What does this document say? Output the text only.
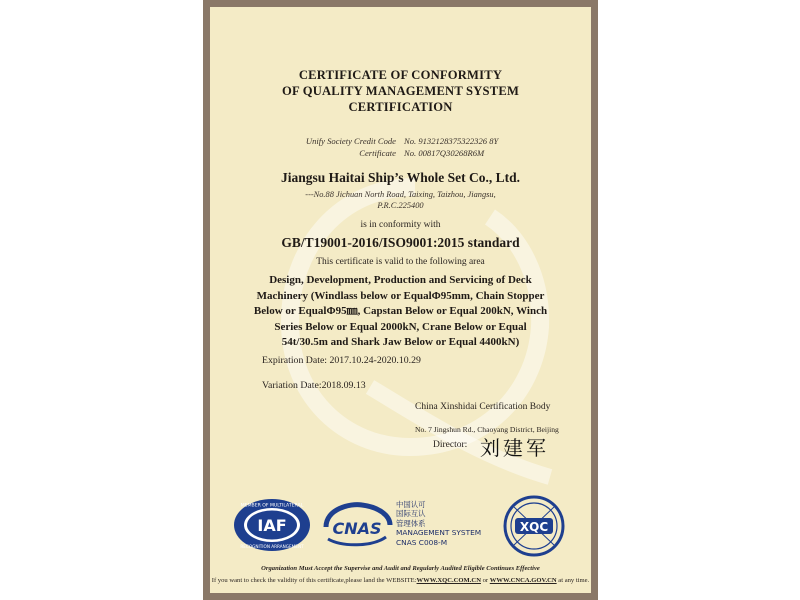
CERTIFICATE OF CONFORMITY
OF QUALITY MANAGEMENT SYSTEM
CERTIFICATION
Unify Society Credit Code No. 9132128375322326 8Y
Certificate No. 00817Q30268R6M
Jiangsu Haitai Ship’s Whole Set Co., Ltd.
---No.88 Jichuan North Road, Taixing, Taizhou, Jiangsu,
P.R.C.225400
is in conformity with
GB/T19001-2016/ISO9001:2015 standard
This certificate is valid to the following area
Design, Development, Production and Servicing of Deck
Machinery (Windlass below or EqualΦ95mm, Chain Stopper
Below or EqualΦ95㎜, Capstan Below or Equal 200kN, Winch
Series Below or Equal 2000kN, Crane Below or Equal
54t/30.5m and Shark Jaw Below or Equal 4400kN)
Expiration Date: 2017.10.24-2020.10.29
Variation Date:2018.09.13
China Xinshidai Certification Body
No. 7 Jingshun Rd., Chaoyang District, Beijing
Director: 刘建军
MEMBER OF MULTILATERAL
RECOGNITION ARRANGEMENT
IAF	CNAS
中国认可
国际互认
管理体系
MANAGEMENT SYSTEM
CNAS C008-M
XQC
Organization Must Accept the Supervise and Audit and Regularly Audited Eligible Continues Effective
If you want to check the validity of this certificate,please land the WEBSITE:WWW.XQC.COM.CN or WWW.CNCA.GOV.CN at any time.
